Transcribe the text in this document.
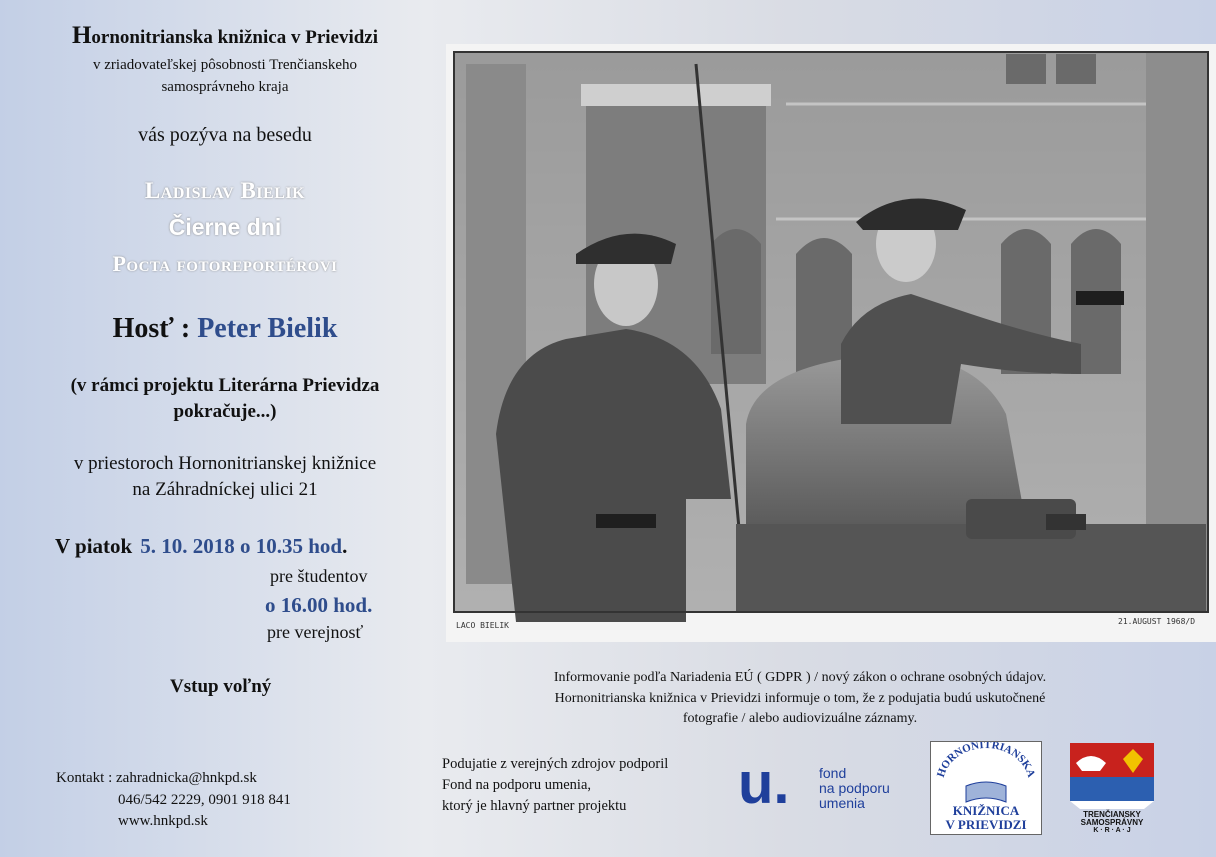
Hornonitrianska knižnica v Prievidzi
v zriadovateľskej pôsobnosti Trenčianskeho
samosprávneho kraja
vás pozýva na besedu
Ladislav Bielik
Čierne dni
Pocta fotoreportérovi
Hosť : Peter Bielik
(v rámci projektu Literárna Prievidza
pokračuje...)
v priestoroch Hornonitrianskej knižnice
na Záhradníckej ulici 21
V piatok 5. 10. 2018 o 10.35 hod.
pre študentov
o 16.00 hod.
pre verejnosť
Vstup voľný
Kontakt : zahradnicka@hnkpd.sk
046/542 2229, 0901 918 841
www.hnkpd.sk
LACO BIELIK	21.AUGUST 1968/D
Informovanie podľa Nariadenia EÚ ( GDPR ) / nový zákon o ochrane osobných údajov.
Hornonitrianska knižnica v Prievidzi informuje o tom, že z podujatia budú uskutočnené
fotografie / alebo audiovizuálne záznamy.
Podujatie z verejných zdrojov podporil
Fond na podporu umenia,
ktorý je hlavný partner projektu	u. fond
na podporu
umenia
HORNONITRIANSKA
KNIŽNICA
V PRIEVIDZI
TRENČIANSKY
SAMOSPRÁVNY
K · R · A · J
